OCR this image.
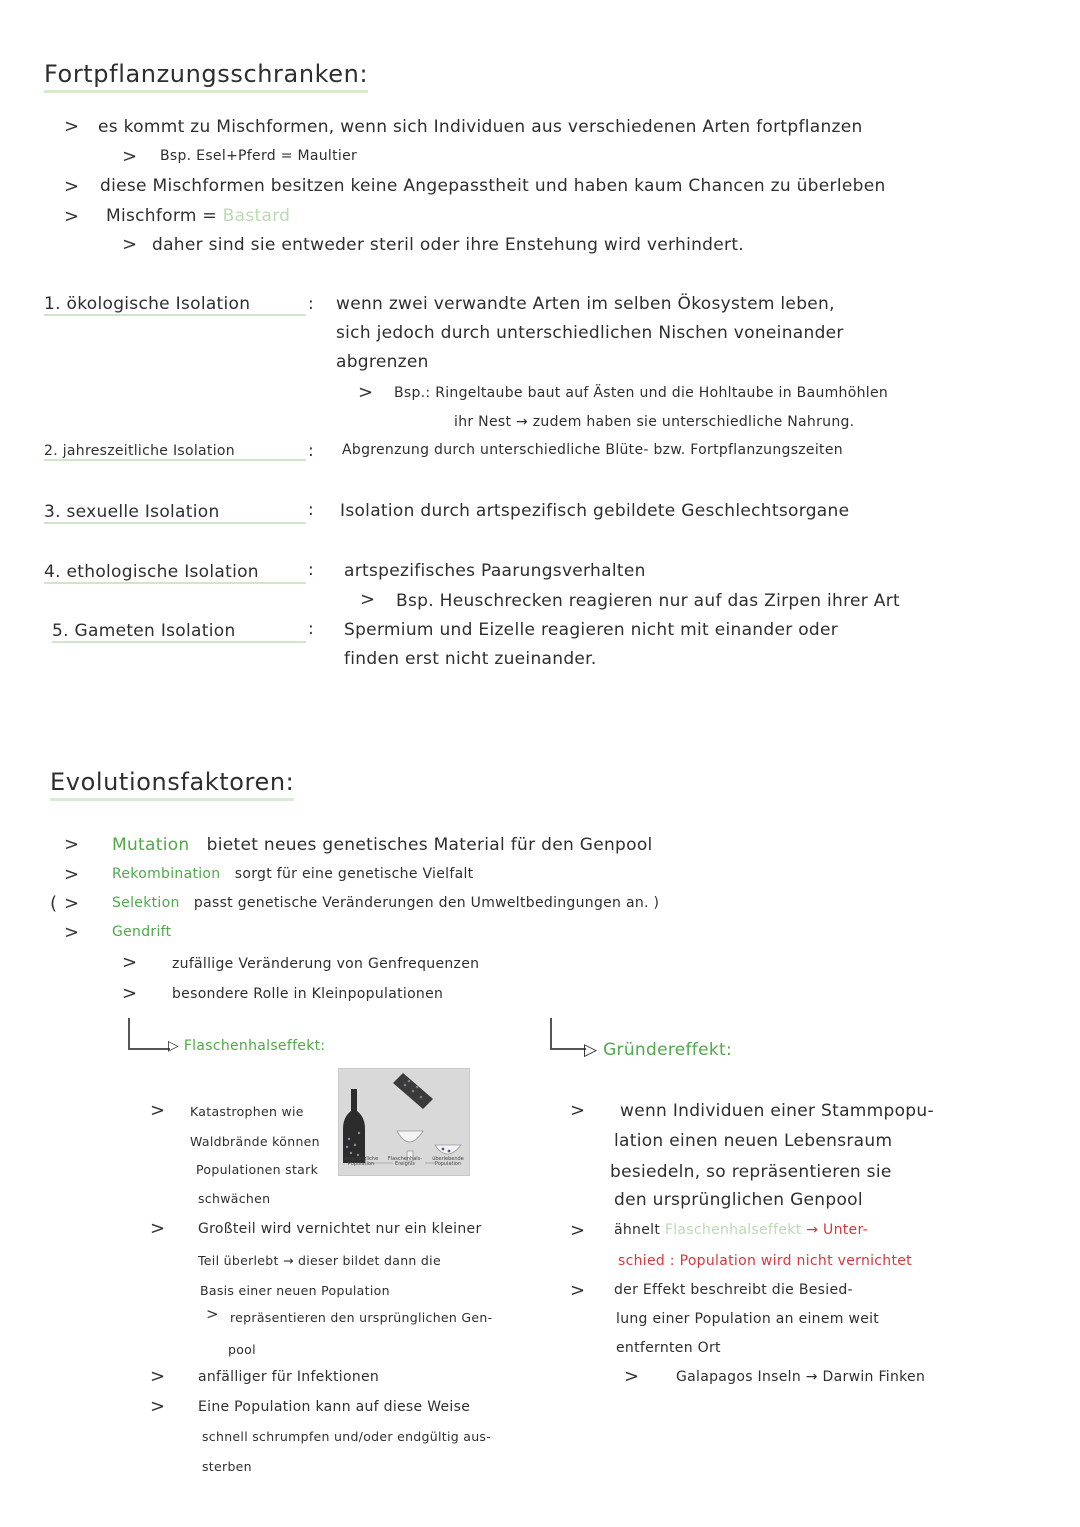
Fortpflanzungsschranken:
> es kommt zu Mischformen, wenn sich Individuen aus verschiedenen Arten fortpflanzen
> Bsp. Esel+Pferd = Maultier
> diese Mischformen besitzen keine Angepasstheit und haben kaum Chancen zu überleben
> Mischform = Bastard
> daher sind sie entweder steril oder ihre Enstehung wird verhindert.
1. ökologische Isolation	: wenn zwei verwandte Arten im selben Ökosystem leben,
sich jedoch durch unterschiedlichen Nischen voneinander
abgrenzen
> Bsp.: Ringeltaube baut auf Ästen und die Hohltaube in Baumhöhlen
ihr Nest → zudem haben sie unterschiedliche Nahrung.
2. jahreszeitliche Isolation	: Abgrenzung durch unterschiedliche Blüte- bzw. Fortpflanzungszeiten
3. sexuelle Isolation	: Isolation durch artspezifisch gebildete Geschlechtsorgane
4. ethologische Isolation	: artspezifisches Paarungsverhalten
> Bsp. Heuschrecken reagieren nur auf das Zirpen ihrer Art
5. Gameten Isolation	: Spermium und Eizelle reagieren nicht mit einander oder
finden erst nicht zueinander.
Evolutionsfaktoren:
> Mutation bietet neues genetisches Material für den Genpool
> Rekombination sorgt für eine genetische Vielfalt
( > Selektion passt genetische Veränderungen den Umweltbedingungen an. )
> Gendrift
> zufällige Veränderung von Genfrequenzen
> besondere Rolle in Kleinpopulationen
▷ Flaschenhalseffekt:
> Katastrophen wie
Waldbrände können
Populationen stark
schwächen
ursprüngliche Population
Flaschenhals-Ereignis
überlebende Population
> Großteil wird vernichtet nur ein kleiner
Teil überlebt → dieser bildet dann die
Basis einer neuen Population
> repräsentieren den ursprünglichen Gen-
pool
> anfälliger für Infektionen
> Eine Population kann auf diese Weise
schnell schrumpfen und/oder endgültig aus-
sterben
▷ Gründereffekt:
> wenn Individuen einer Stammpopu-
lation einen neuen Lebensraum
besiedeln, so repräsentieren sie
den ursprünglichen Genpool
> ähnelt Flaschenhalseffekt → Unter-
schied : Population wird nicht vernichtet
> der Effekt beschreibt die Besied-
lung einer Population an einem weit
entfernten Ort
>	Galapagos Inseln → Darwin Finken
